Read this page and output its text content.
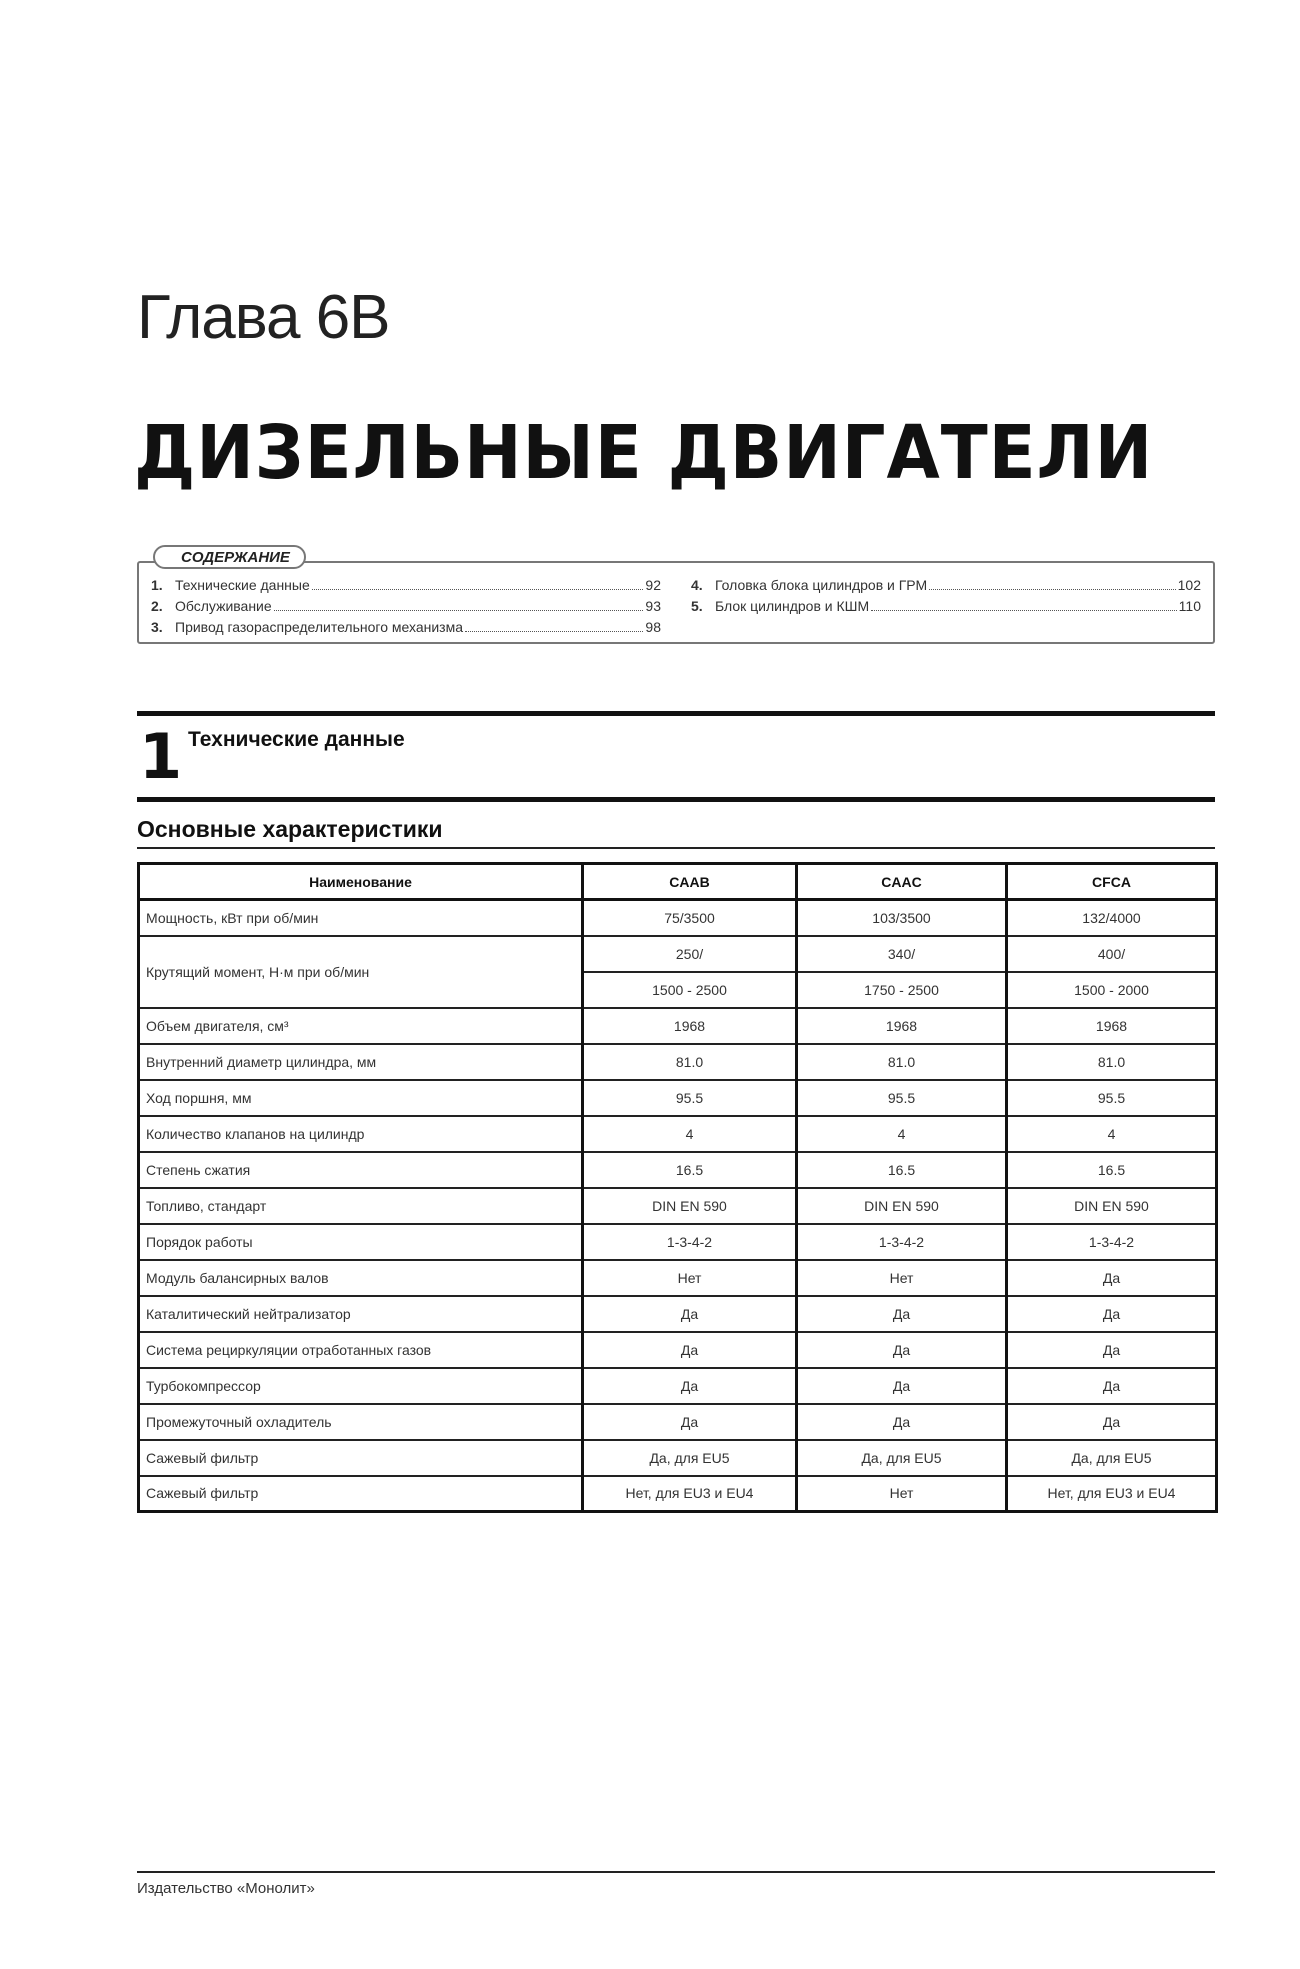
Глава 6В
ДИЗЕЛЬНЫЕ ДВИГАТЕЛИ
СОДЕРЖАНИЕ
1. Технические данные	92
2. Обслуживание	93
3. Привод газораспределительного механизма	98
4. Головка блока цилиндров и ГРМ	102
5. Блок цилиндров и КШМ	110
1 Технические данные
Основные характеристики
Наименование	CAAB	CAAC	CFCA
Мощность, кВт при об/мин	75/3500	103/3500	132/4000
Крутящий момент, Н·м при об/мин	250/	340/	400/
	1500 - 2500	1750 - 2500	1500 - 2000
Объем двигателя, см³	1968	1968	1968
Внутренний диаметр цилиндра, мм	81.0	81.0	81.0
Ход поршня, мм	95.5	95.5	95.5
Количество клапанов на цилиндр	4	4	4
Степень сжатия	16.5	16.5	16.5
Топливо, стандарт	DIN EN 590	DIN EN 590	DIN EN 590
Порядок работы	1-3-4-2	1-3-4-2	1-3-4-2
Модуль балансирных валов	Нет	Нет	Да
Каталитический нейтрализатор	Да	Да	Да
Система рециркуляции отработанных газов	Да	Да	Да
Турбокомпрессор	Да	Да	Да
Промежуточный охладитель	Да	Да	Да
Сажевый фильтр	Да, для EU5	Да, для EU5	Да, для EU5
Сажевый фильтр	Нет, для EU3 и EU4	Нет	Нет, для EU3 и EU4
Издательство «Монолит»
